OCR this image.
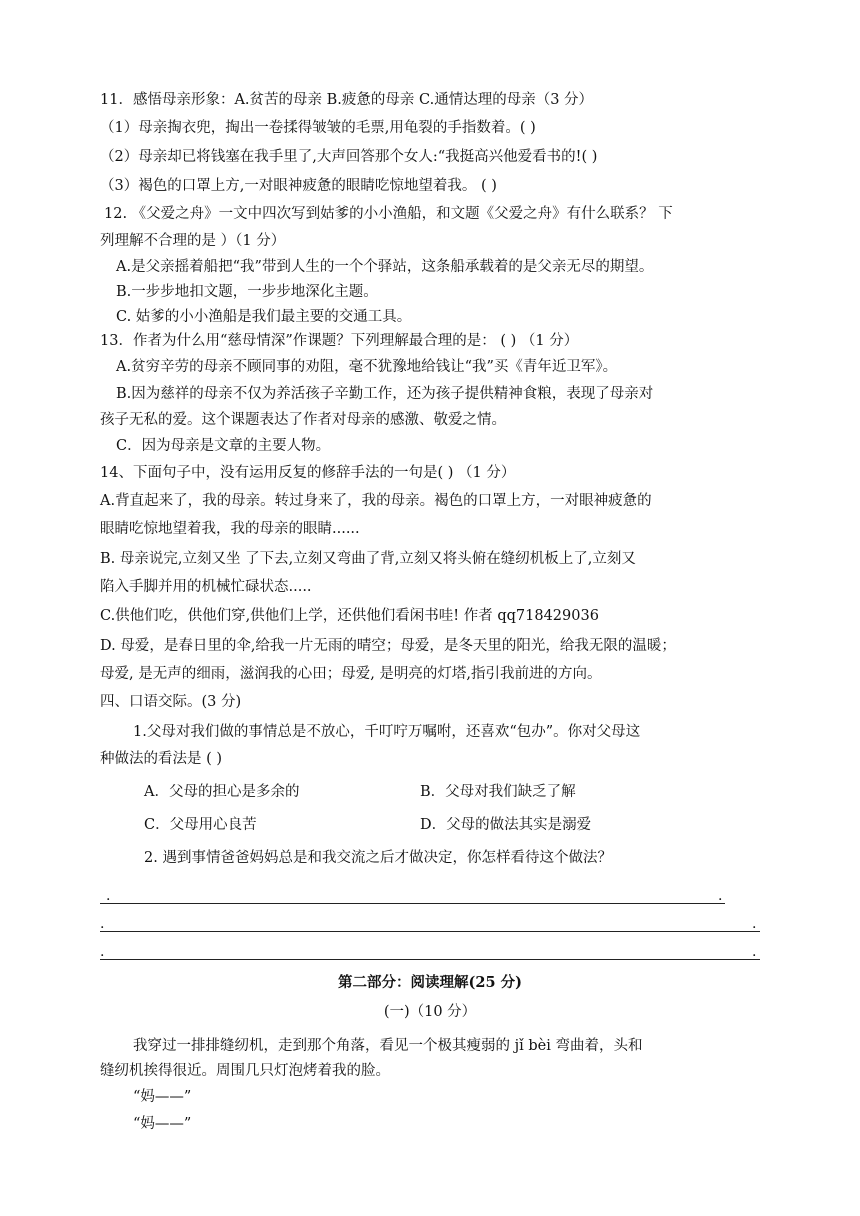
11．感悟母亲形象：A.贫苦的母亲 B.疲惫的母亲 C.通情达理的母亲（3 分）
（1）母亲掏衣兜，掏出一卷揉得皱皱的毛票,用龟裂的手指数着。( )
（2）母亲却已将钱塞在我手里了,大声回答那个女人:“我挺高兴他爱看书的!( )
（3）褐色的口罩上方,一对眼神疲惫的眼睛吃惊地望着我。 ( )
12. 《父爱之舟》一文中四次写到姑爹的小小渔船，和文题《父爱之舟》有什么联系？ 下
列理解不合理的是 ）（1 分）
A.是父亲摇着船把“我”带到人生的一个个驿站，这条船承载着的是父亲无尽的期望。
B.一步步地扣文题，一步步地深化主题。
C. 姑爹的小小渔船是我们最主要的交通工具。
13．作者为什么用“慈母情深”作课题？下列理解最合理的是： ( ) （1 分）
A.贫穷辛劳的母亲不顾同事的劝阻，毫不犹豫地给钱让“我”买《青年近卫军》。
B.因为慈祥的母亲不仅为养活孩子辛勤工作，还为孩子提供精神食粮，表现了母亲对
孩子无私的爱。这个课题表达了作者对母亲的感激、敬爱之情。
C．因为母亲是文章的主要人物。
14、下面句子中，没有运用反复的修辞手法的一句是( ) （1 分）
A.背直起来了，我的母亲。转过身来了，我的母亲。褐色的口罩上方，一对眼神疲惫的
眼睛吃惊地望着我，我的母亲的眼睛......
B. 母亲说完,立刻又坐 了下去,立刻又弯曲了背,立刻又将头俯在缝纫机板上了,立刻又
陷入手脚并用的机械忙碌状态.....
C.供他们吃，供他们穿,供他们上学，还供他们看闲书哇! 作者 qq718429036
D. 母爱，是春日里的伞,给我一片无雨的晴空；母爱，是冬天里的阳光，给我无限的温暖；
母爱, 是无声的细雨，滋润我的心田；母爱, 是明亮的灯塔,指引我前进的方向。
四、口语交际。(3 分)
1.父母对我们做的事情总是不放心，千叮咛万嘱咐，还喜欢“包办”。你对父母这
种做法的看法是 ( )
A．父母的担心是多余的	B．父母对我们缺乏了解
C．父母用心良苦	D．父母的做法其实是溺爱
2. 遇到事情爸爸妈妈总是和我交流之后才做决定，你怎样看待这个做法？
.	.
.	.
.	.
第二部分：阅读理解(25 分)
(一)（10 分）
我穿过一排排缝纫机，走到那个角落，看见一个极其瘦弱的 jǐ bèi 弯曲着，头和
缝纫机挨得很近。周围几只灯泡烤着我的脸。
“妈——”
“妈——”
